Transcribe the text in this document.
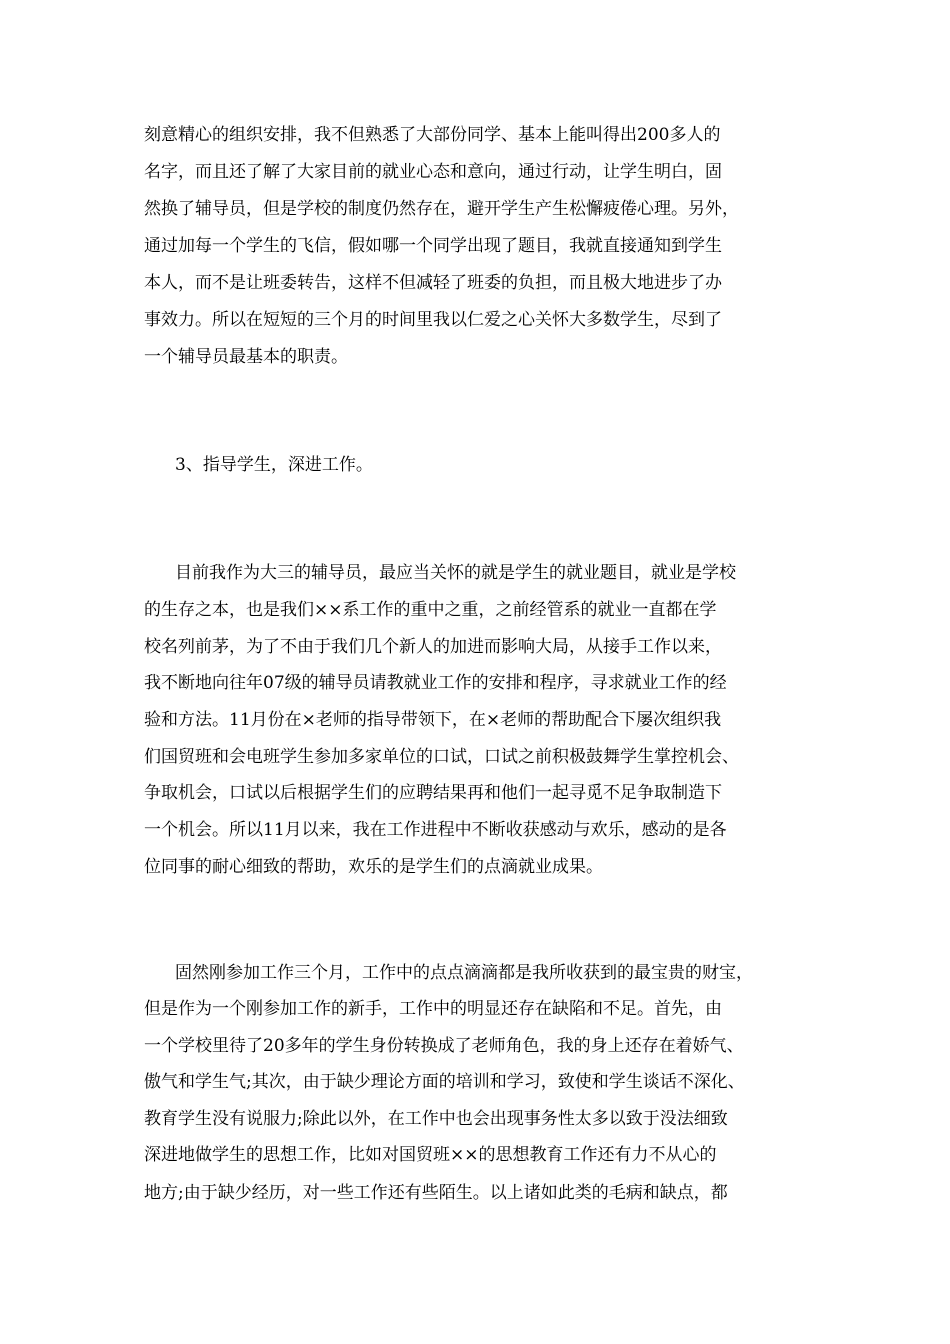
刻意精心的组织安排，我不但熟悉了大部份同学、基本上能叫得出200多人的
名字，而且还了解了大家目前的就业心态和意向，通过行动，让学生明白，固
然换了辅导员，但是学校的制度仍然存在，避开学生产生松懈疲倦心理。另外，
通过加每一个学生的飞信，假如哪一个同学出现了题目，我就直接通知到学生
本人，而不是让班委转告，这样不但减轻了班委的负担，而且极大地进步了办
事效力。所以在短短的三个月的时间里我以仁爱之心关怀大多数学生，尽到了
一个辅导员最基本的职责。
3、指导学生，深进工作。
目前我作为大三的辅导员，最应当关怀的就是学生的就业题目，就业是学校
的生存之本，也是我们××系工作的重中之重，之前经管系的就业一直都在学
校名列前茅，为了不由于我们几个新人的加进而影响大局，从接手工作以来，
我不断地向往年07级的辅导员请教就业工作的安排和程序，寻求就业工作的经
验和方法。11月份在×老师的指导带领下，在×老师的帮助配合下屡次组织我
们国贸班和会电班学生参加多家单位的口试，口试之前积极鼓舞学生掌控机会、
争取机会，口试以后根据学生们的应聘结果再和他们一起寻觅不足争取制造下
一个机会。所以11月以来，我在工作进程中不断收获感动与欢乐，感动的是各
位同事的耐心细致的帮助，欢乐的是学生们的点滴就业成果。
固然刚参加工作三个月，工作中的点点滴滴都是我所收获到的最宝贵的财宝，
但是作为一个刚参加工作的新手，工作中的明显还存在缺陷和不足。首先，由
一个学校里待了20多年的学生身份转换成了老师角色，我的身上还存在着娇气、
傲气和学生气;其次，由于缺少理论方面的培训和学习，致使和学生谈话不深化、
教育学生没有说服力;除此以外，在工作中也会出现事务性太多以致于没法细致
深进地做学生的思想工作，比如对国贸班××的思想教育工作还有力不从心的
地方;由于缺少经历，对一些工作还有些陌生。以上诸如此类的毛病和缺点，都
